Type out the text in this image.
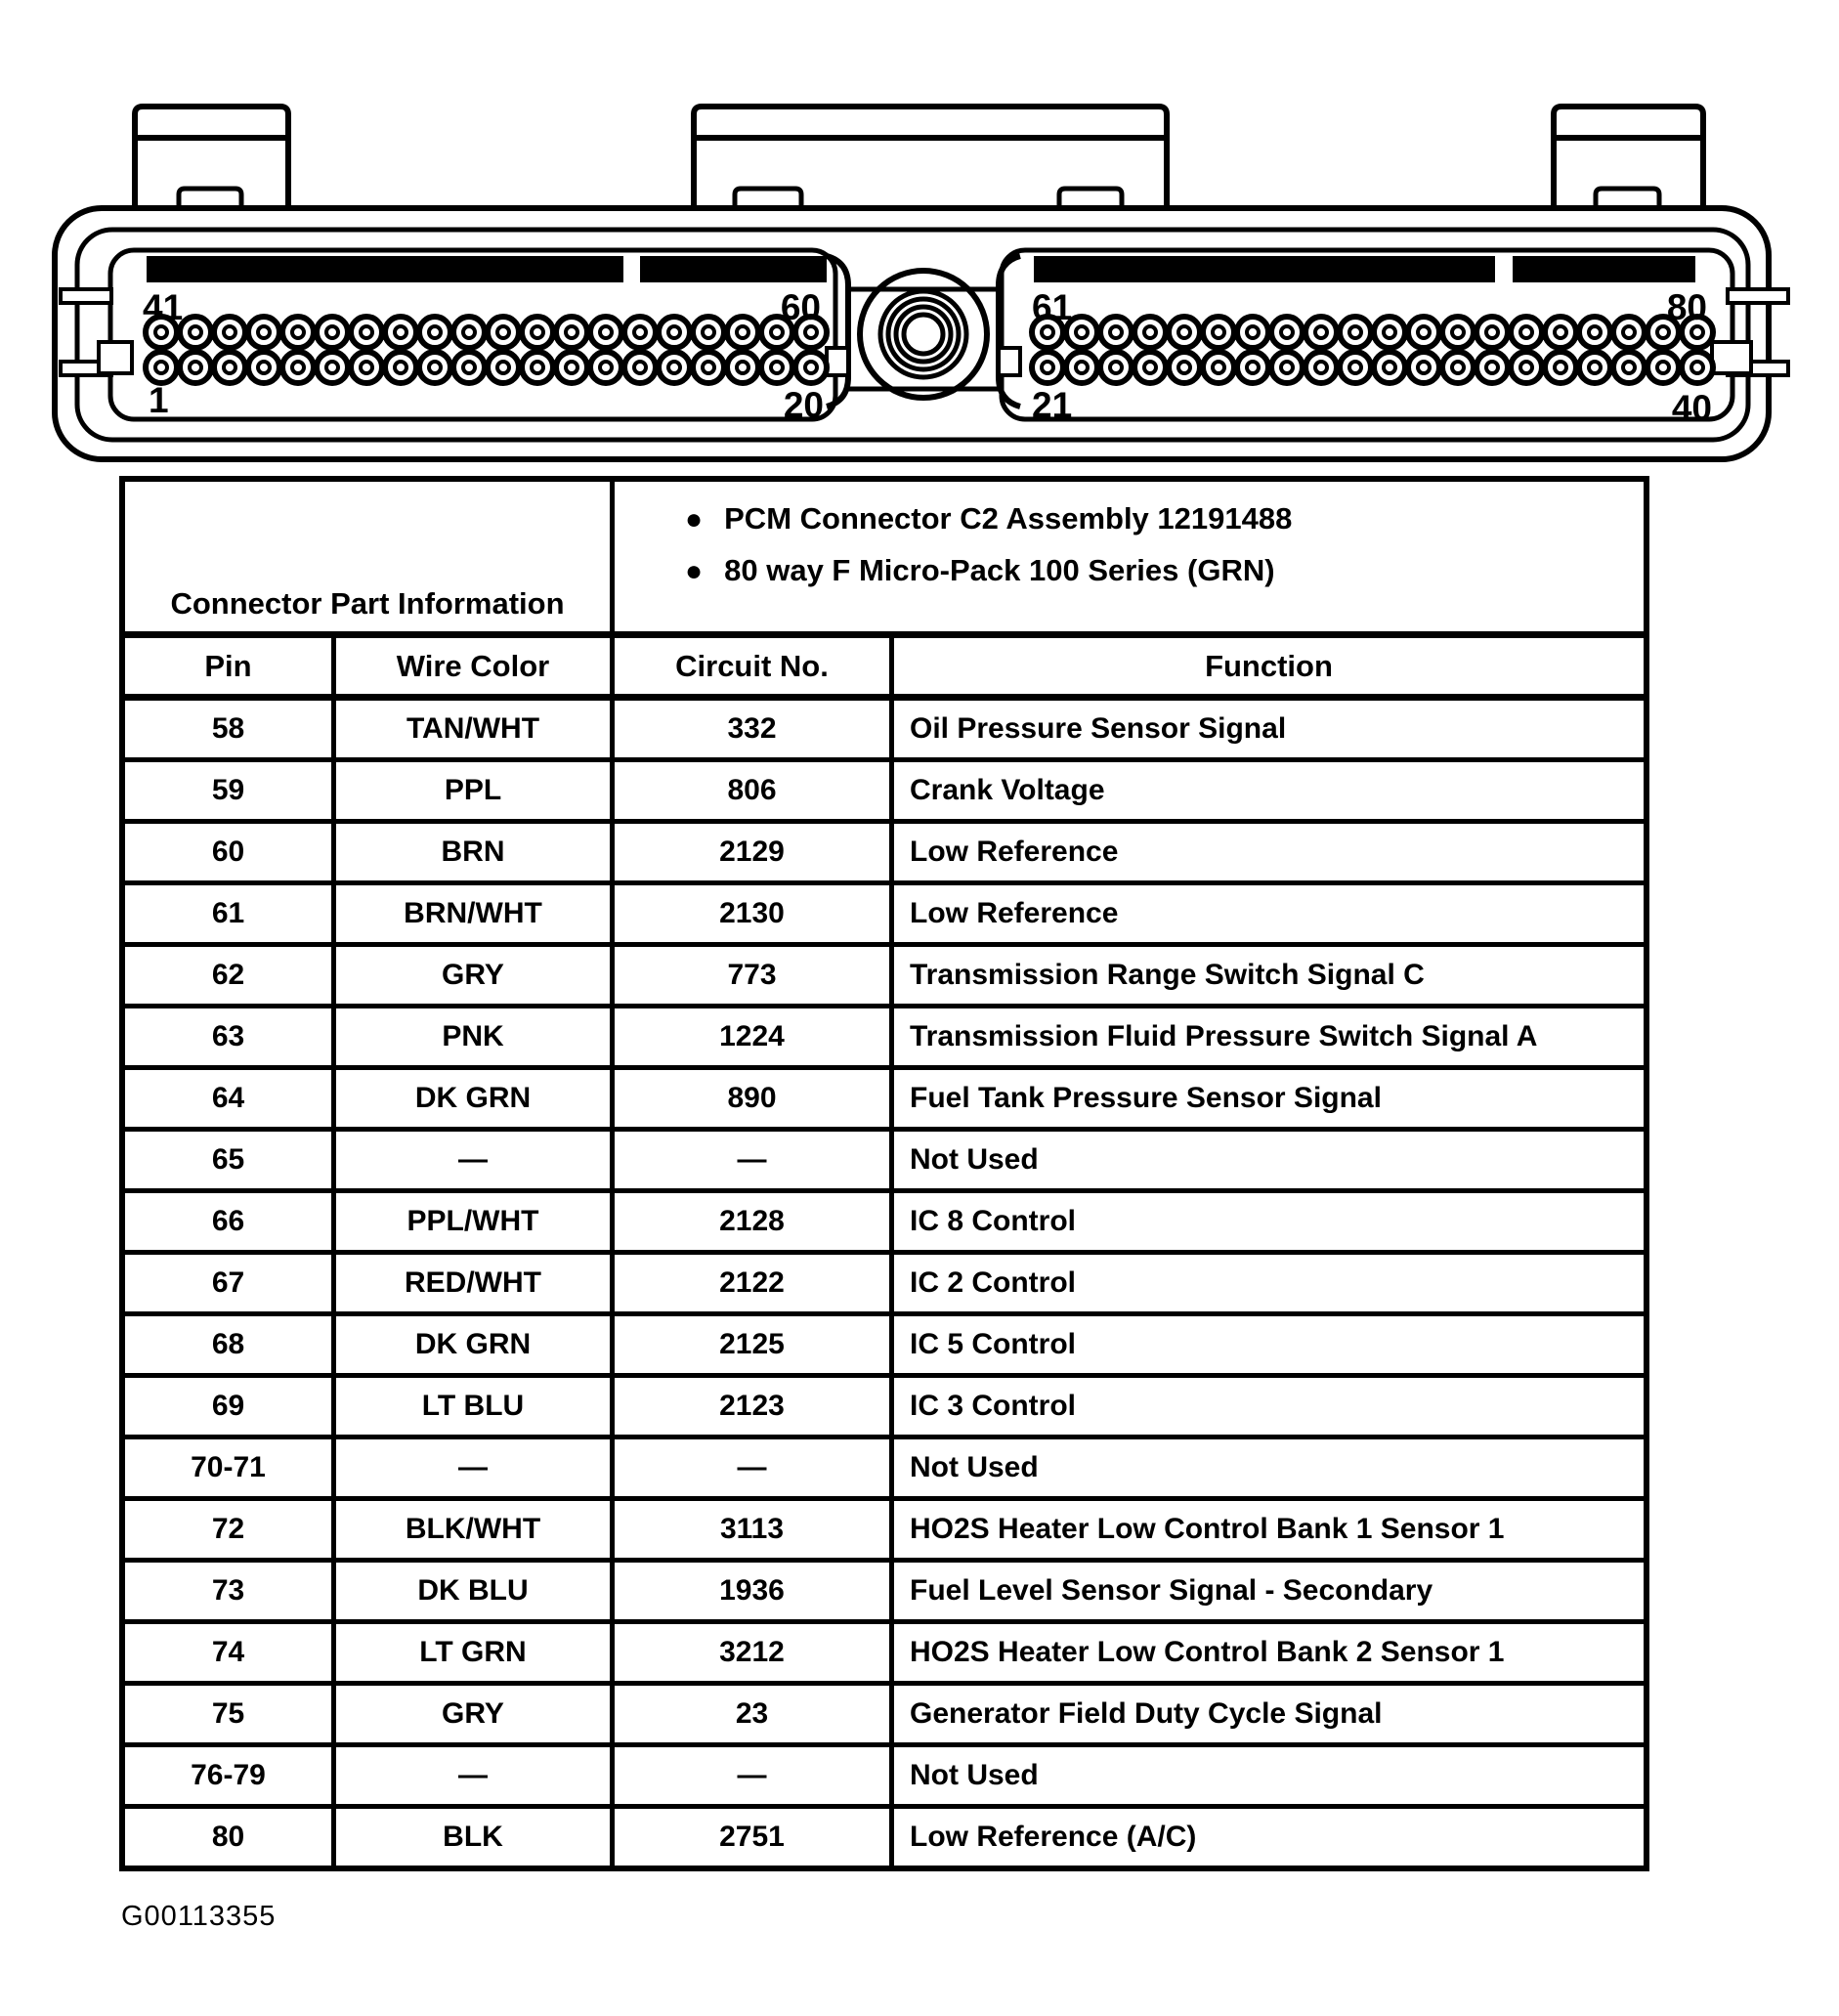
41	60
1	20
61	80
21	40
Connector Part Information
● PCM Connector C2 Assembly 12191488
● 80 way F Micro-Pack 100 Series (GRN)
Pin	Wire Color	Circuit No.	Function
58	TAN/WHT	332	Oil Pressure Sensor Signal
59	PPL	806	Crank Voltage
60	BRN	2129	Low Reference
61	BRN/WHT	2130	Low Reference
62	GRY	773	Transmission Range Switch Signal C
63	PNK	1224	Transmission Fluid Pressure Switch Signal A
64	DK GRN	890	Fuel Tank Pressure Sensor Signal
65	—	—	Not Used
66	PPL/WHT	2128	IC 8 Control
67	RED/WHT	2122	IC 2 Control
68	DK GRN	2125	IC 5 Control
69	LT BLU	2123	IC 3 Control
70-71	—	—	Not Used
72	BLK/WHT	3113	HO2S Heater Low Control Bank 1 Sensor 1
73	DK BLU	1936	Fuel Level Sensor Signal - Secondary
74	LT GRN	3212	HO2S Heater Low Control Bank 2 Sensor 1
75	GRY	23	Generator Field Duty Cycle Signal
76-79	—	—	Not Used
80	BLK	2751	Low Reference (A/C)
G00113355
